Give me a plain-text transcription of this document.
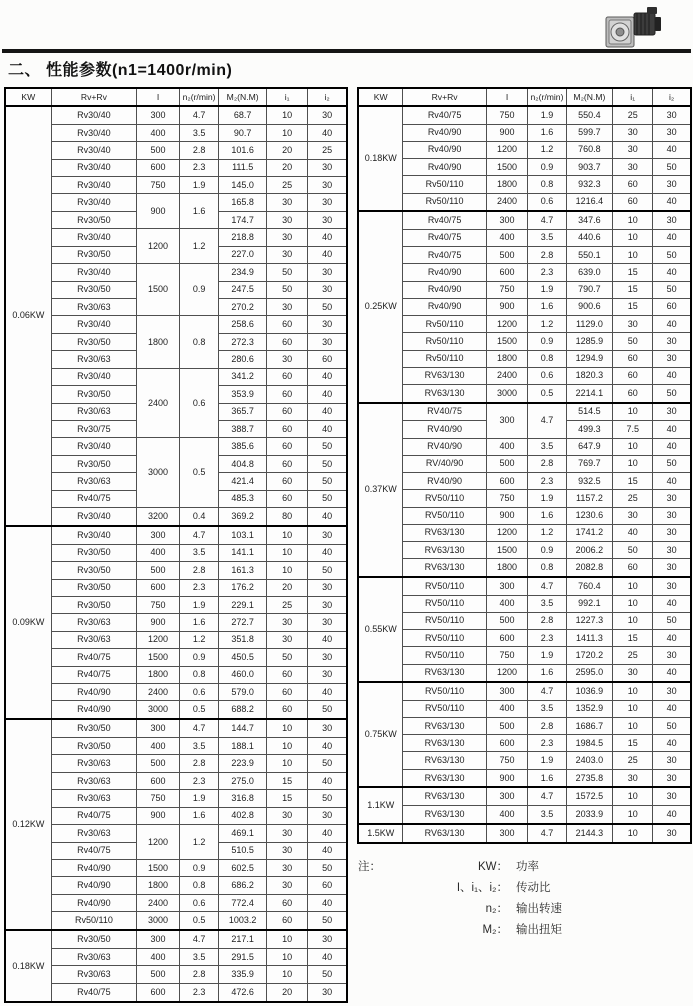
二、 性能参数(n1=1400r/min)
KW	Rv+Rv	I	n₂(r/min)	M₂(N.M)	i₁	i₂
0.06KW	Rv30/40	300	4.7	68.7	10	30
	Rv30/40	400	3.5	90.7	10	40
	Rv30/40	500	2.8	101.6	20	25
	Rv30/40	600	2.3	111.5	20	30
	Rv30/40	750	1.9	145.0	25	30
	Rv30/40	900	1.6	165.8	30	30
	Rv30/50			174.7	30	30
	Rv30/40	1200	1.2	218.8	30	40
	Rv30/50			227.0	30	40
	Rv30/40	1500	0.9	234.9	50	30
	Rv30/50			247.5	50	30
	Rv30/63			270.2	30	50
	Rv30/40	1800	0.8	258.6	60	30
	Rv30/50			272.3	60	30
	Rv30/63			280.6	30	60
	Rv30/40	2400	0.6	341.2	60	40
	Rv30/50			353.9	60	40
	Rv30/63			365.7	60	40
	Rv30/75			388.7	60	40
	Rv30/40	3000	0.5	385.6	60	50
	Rv30/50			404.8	60	50
	Rv30/63			421.4	60	50
	Rv40/75			485.3	60	50
	Rv30/40	3200	0.4	369.2	80	40
0.09KW	Rv30/40	300	4.7	103.1	10	30
	Rv30/50	400	3.5	141.1	10	40
	Rv30/50	500	2.8	161.3	10	50
	Rv30/50	600	2.3	176.2	20	30
	Rv30/50	750	1.9	229.1	25	30
	Rv30/63	900	1.6	272.7	30	30
	Rv30/63	1200	1.2	351.8	30	40
	Rv40/75	1500	0.9	450.5	50	30
	Rv40/75	1800	0.8	460.0	60	30
	Rv40/90	2400	0.6	579.0	60	40
	Rv40/90	3000	0.5	688.2	60	50
0.12KW	Rv30/50	300	4.7	144.7	10	30
	Rv30/50	400	3.5	188.1	10	40
	Rv30/63	500	2.8	223.9	10	50
	Rv30/63	600	2.3	275.0	15	40
	Rv30/63	750	1.9	316.8	15	50
	Rv40/75	900	1.6	402.8	30	30
	Rv30/63	1200	1.2	469.1	30	40
	Rv40/75			510.5	30	40
	Rv40/90	1500	0.9	602.5	30	50
	Rv40/90	1800	0.8	686.2	30	60
	Rv40/90	2400	0.6	772.4	60	40
	Rv50/110	3000	0.5	1003.2	60	50
0.18KW	Rv30/50	300	4.7	217.1	10	30
	Rv30/63	400	3.5	291.5	10	40
	Rv30/63	500	2.8	335.9	10	50
	Rv40/75	600	2.3	472.6	20	30
KW	Rv+Rv	I	n₂(r/min)	M₂(N.M)	i₁	i₂
0.18KW	Rv40/75	750	1.9	550.4	25	30
	Rv40/90	900	1.6	599.7	30	30
	Rv40/90	1200	1.2	760.8	30	40
	Rv40/90	1500	0.9	903.7	30	50
	Rv50/110	1800	0.8	932.3	60	30
	Rv50/110	2400	0.6	1216.4	60	40
0.25KW	Rv40/75	300	4.7	347.6	10	30
	Rv40/75	400	3.5	440.6	10	40
	Rv40/75	500	2.8	550.1	10	50
	Rv40/90	600	2.3	639.0	15	40
	Rv40/90	750	1.9	790.7	15	50
	Rv40/90	900	1.6	900.6	15	60
	Rv50/110	1200	1.2	1129.0	30	40
	Rv50/110	1500	0.9	1285.9	50	30
	Rv50/110	1800	0.8	1294.9	60	30
	RV63/130	2400	0.6	1820.3	60	40
	RV63/130	3000	0.5	2214.1	60	50
0.37KW	RV40/75	300	4.7	514.5	10	30
	RV40/90			499.3	7.5	40
	RV40/90	400	3.5	647.9	10	40
	RV/40/90	500	2.8	769.7	10	50
	RV40/90	600	2.3	932.5	15	40
	RV50/110	750	1.9	1157.2	25	30
	RV50/110	900	1.6	1230.6	30	30
	RV63/130	1200	1.2	1741.2	40	30
	RV63/130	1500	0.9	2006.2	50	30
	RV63/130	1800	0.8	2082.8	60	30
0.55KW	RV50/110	300	4.7	760.4	10	30
	RV50/110	400	3.5	992.1	10	40
	RV50/110	500	2.8	1227.3	10	50
	RV50/110	600	2.3	1411.3	15	40
	RV50/110	750	1.9	1720.2	25	30
	RV63/130	1200	1.6	2595.0	30	40
0.75KW	RV50/110	300	4.7	1036.9	10	30
	RV50/110	400	3.5	1352.9	10	40
	RV63/130	500	2.8	1686.7	10	50
	RV63/130	600	2.3	1984.5	15	40
	RV63/130	750	1.9	2403.0	25	30
	RV63/130	900	1.6	2735.8	30	30
1.1KW	RV63/130	300	4.7	1572.5	10	30
	RV63/130	400	3.5	2033.9	10	40
1.5KW	RV63/130	300	4.7	2144.3	10	30
注：	KW： 功率
I、i₁、i₂： 传动比
n₂： 输出转速
M₂： 输出扭矩
